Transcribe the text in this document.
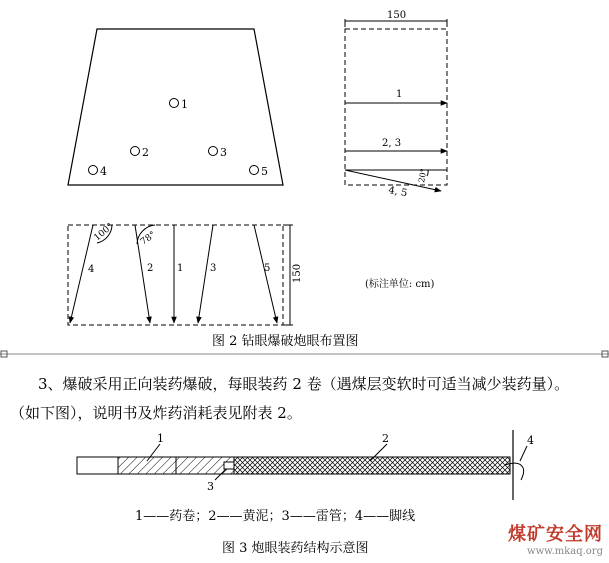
1
2	3
4	5
150
1
2, 3
4, 5
20°
150
100°	78°
4	2 1	3	5
(标注单位: cm)
图 2 钻眼爆破炮眼布置图
1	2
3
4
1——药卷；2——黄泥；3——雷管；4——脚线
图 3 炮眼装药结构示意图
3、爆破采用正向装药爆破，每眼装药 2 卷（遇煤层变软时可适当减少装药量）。
（如下图），说明书及炸药消耗表见附表 2。
煤矿安全网
www.mkaq.org
